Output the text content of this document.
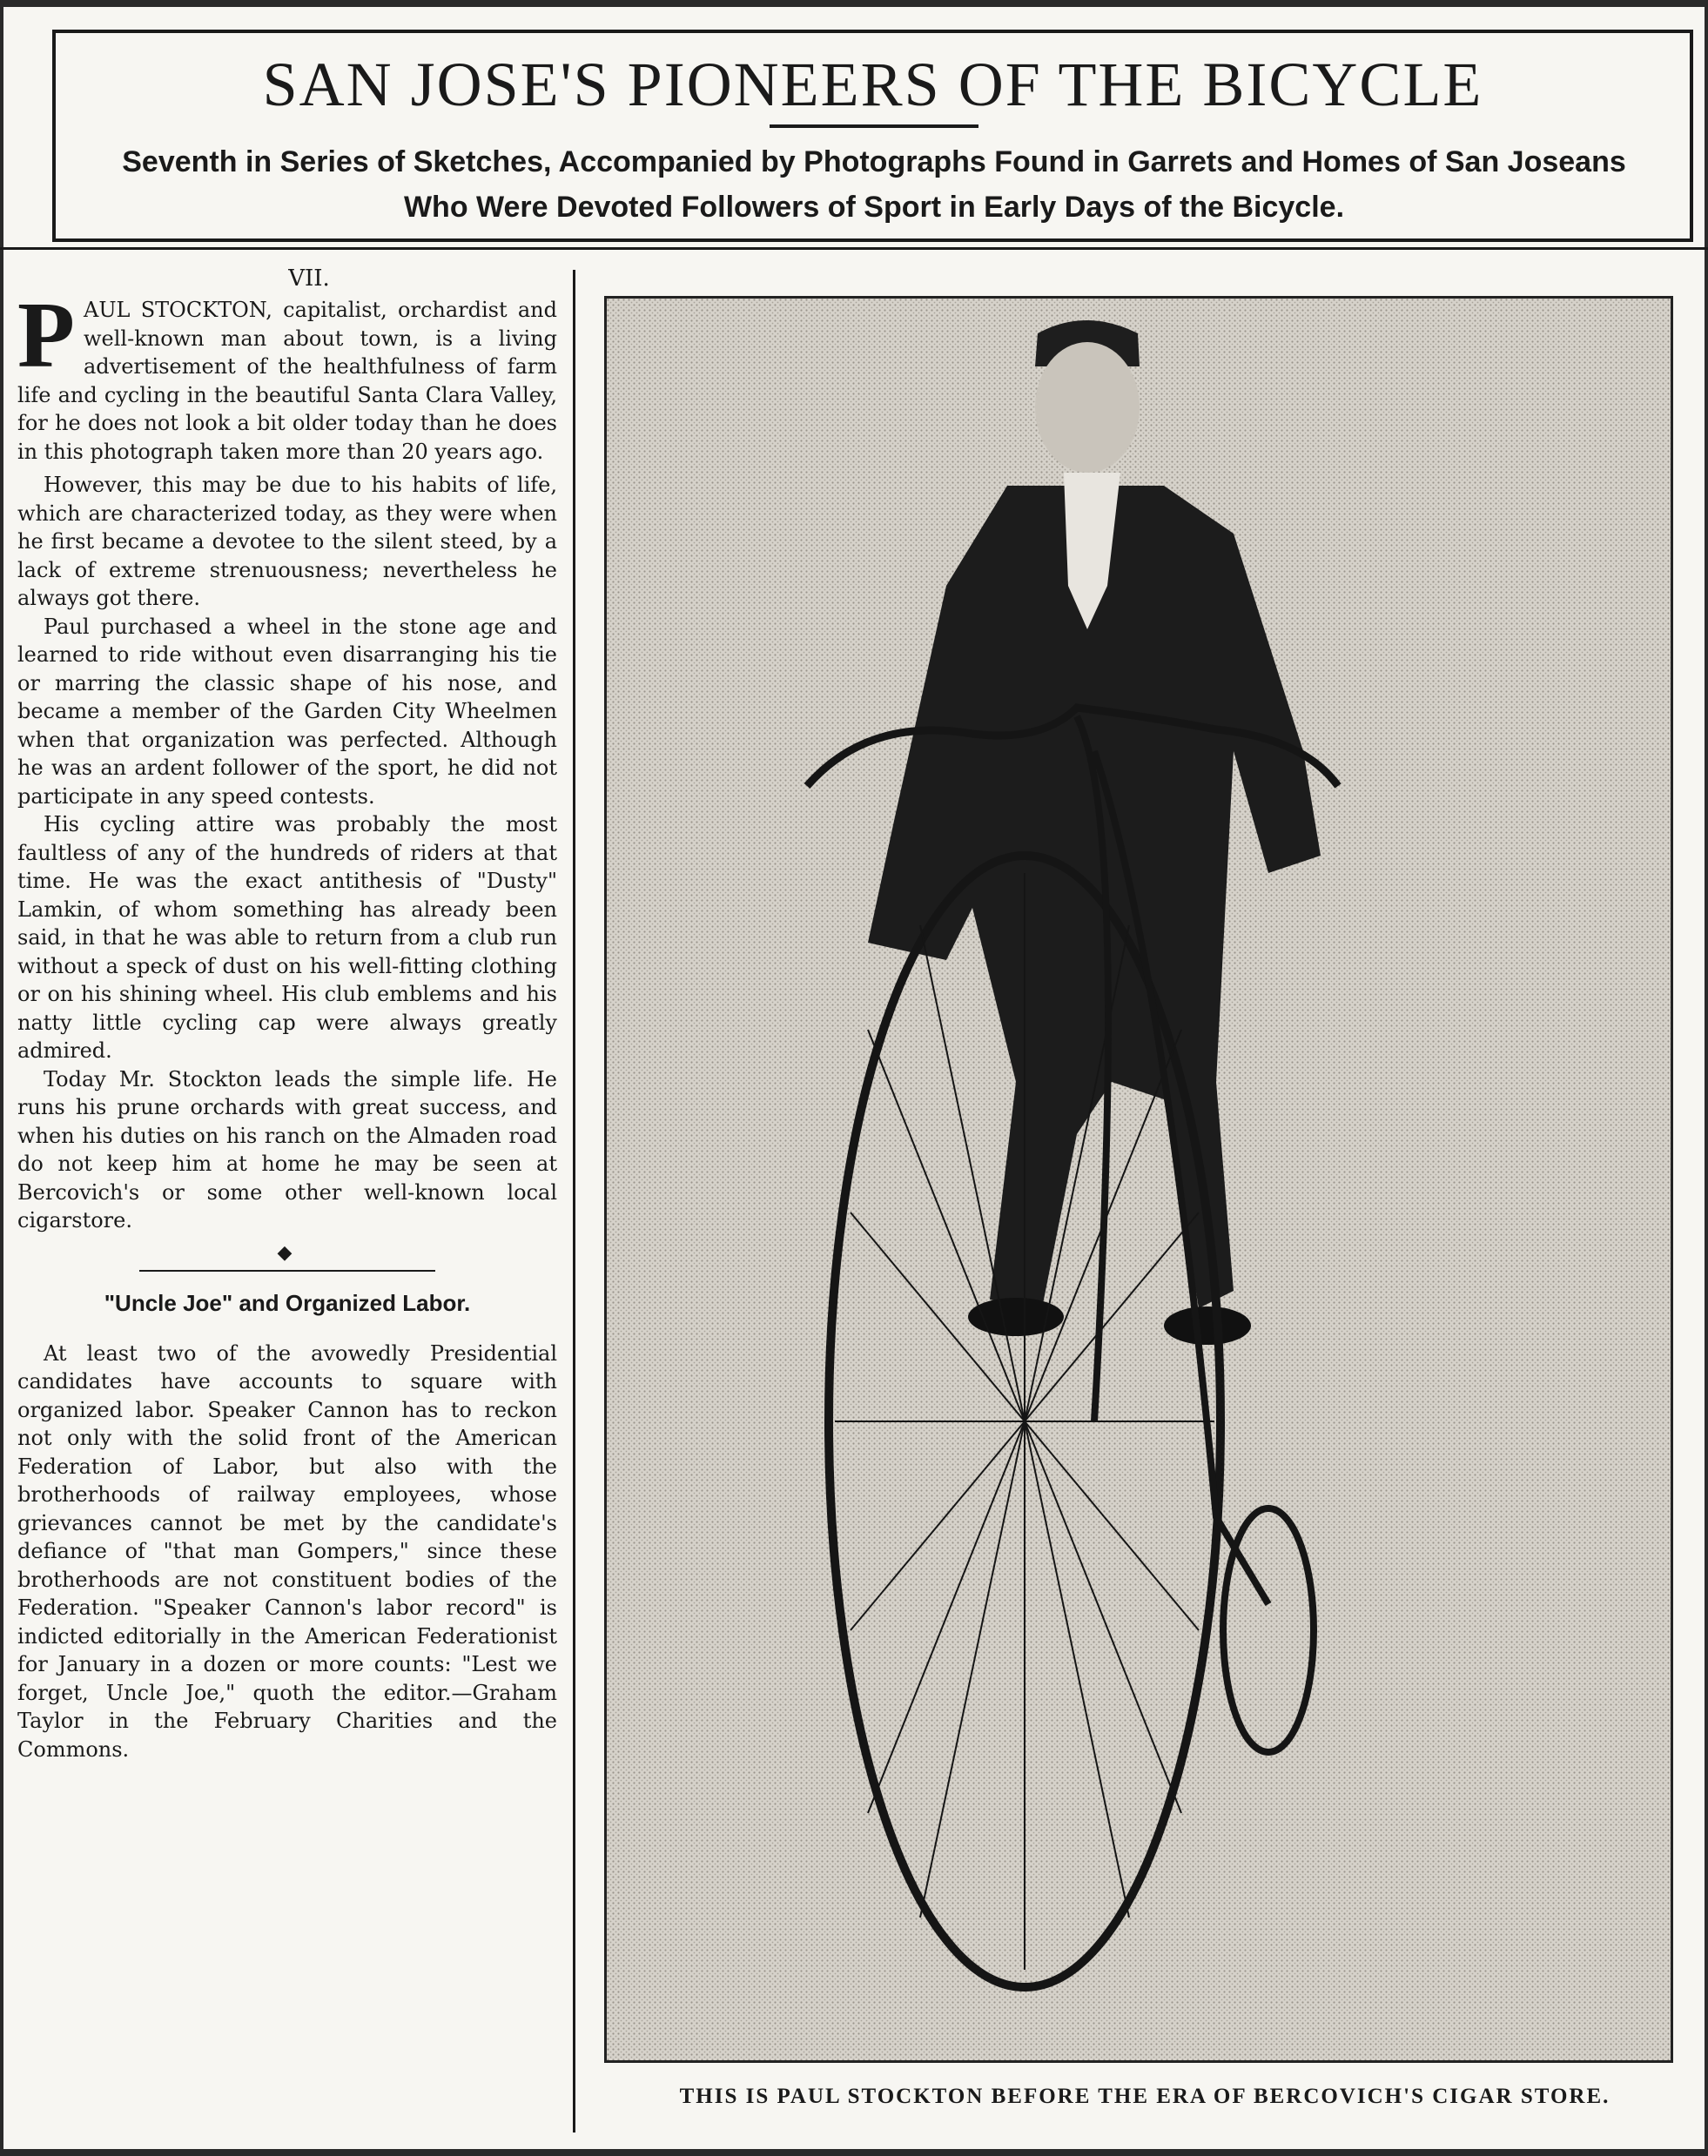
SAN JOSE'S PIONEERS OF THE BICYCLE
Seventh in Series of Sketches, Accompanied by Photographs Found in Garrets and Homes of San Joseans Who Were Devoted Followers of Sport in Early Days of the Bicycle.
VII.

PAUL STOCKTON, capitalist, orchardist and well-known man about town, is a living advertisement of the healthfulness of farm life and cycling in the beautiful Santa Clara Valley, for he does not look a bit older today than he does in this photograph taken more than 20 years ago.

However, this may be due to his habits of life, which are characterized today, as they were when he first became a devotee to the silent steed, by a lack of extreme strenuousness; nevertheless he always got there.

Paul purchased a wheel in the stone age and learned to ride without even disarranging his tie or marring the classic shape of his nose, and became a member of the Garden City Wheelmen when that organization was perfected. Although he was an ardent follower of the sport, he did not participate in any speed contests.

His cycling attire was probably the most faultless of any of the hundreds of riders at that time. He was the exact antithesis of "Dusty" Lamkin, of whom something has already been said, in that he was able to return from a club run without a speck of dust on his well-fitting clothing or on his shining wheel. His club emblems and his natty little cycling cap were always greatly admired.

Today Mr. Stockton leads the simple life. He runs his prune orchards with great success, and when his duties on his ranch on the Almaden road do not keep him at home he may be seen at Bercovich's or some other well-known local cigarstore.

◆
"Uncle Joe" and Organized Labor.

At least two of the avowedly Presidential candidates have accounts to square with organized labor. Speaker Cannon has to reckon not only with the solid front of the American Federation of Labor, but also with the brotherhoods of railway employees, whose grievances cannot be met by the candidate's defiance of "that man Gompers," since these brotherhoods are not constituent bodies of the Federation. "Speaker Cannon's labor record" is indicted editorially in the American Federationist for January in a dozen or more counts: "Lest we forget, Uncle Joe," quoth the editor.—Graham Taylor in the February Charities and the Commons.

THIS IS PAUL STOCKTON BEFORE THE ERA OF BERCOVICH'S CIGAR STORE.
